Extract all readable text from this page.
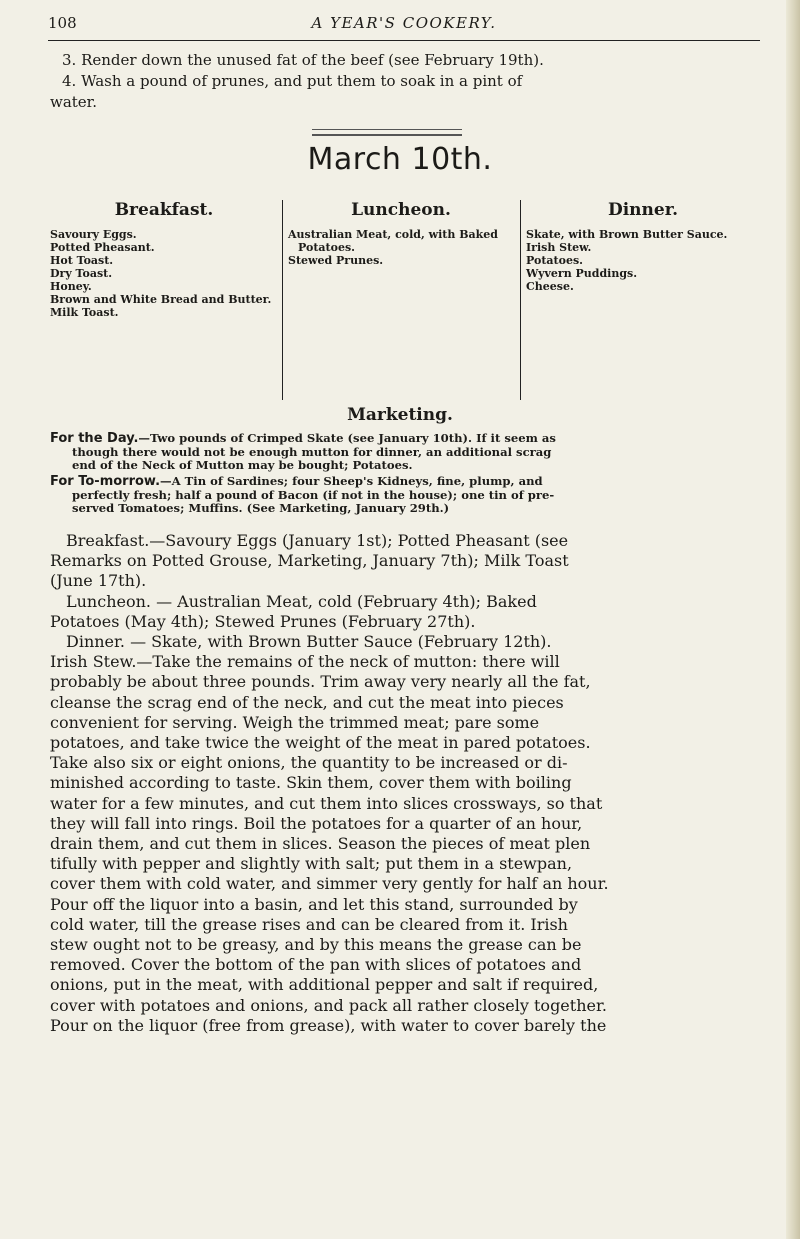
108	A YEAR'S COOKERY.
3. Render down the unused fat of the beef (see February 19th).
4. Wash a pound of prunes, and put them to soak in a pint of
water.
March 10th.
Breakfast.
Savoury Eggs.
Potted Pheasant.
Hot Toast.
Dry Toast.
Honey.
Brown and White Bread and Butter.
Milk Toast.
Luncheon.
Australian Meat, cold, with Baked Potatoes.
Stewed Prunes.
Dinner.
Skate, with Brown Butter Sauce.
Irish Stew.
Potatoes.
Wyvern Puddings.
Cheese.
Marketing.
For the Day.—Two pounds of Crimped Skate (see January 10th). If it seem as
though there would not be enough mutton for dinner, an additional scrag
end of the Neck of Mutton may be bought; Potatoes.
For To-morrow.—A Tin of Sardines; four Sheep's Kidneys, fine, plump, and
perfectly fresh; half a pound of Bacon (if not in the house); one tin of pre-
served Tomatoes; Muffins. (See Marketing, January 29th.)
Breakfast.—Savoury Eggs (January 1st); Potted Pheasant (see
Remarks on Potted Grouse, Marketing, January 7th); Milk Toast
(June 17th).
Luncheon. — Australian Meat, cold (February 4th); Baked
Potatoes (May 4th); Stewed Prunes (February 27th).
Dinner. — Skate, with Brown Butter Sauce (February 12th).
Irish Stew.—Take the remains of the neck of mutton: there will
probably be about three pounds. Trim away very nearly all the fat,
cleanse the scrag end of the neck, and cut the meat into pieces
convenient for serving. Weigh the trimmed meat; pare some
potatoes, and take twice the weight of the meat in pared potatoes.
Take also six or eight onions, the quantity to be increased or di-
minished according to taste. Skin them, cover them with boiling
water for a few minutes, and cut them into slices crossways, so that
they will fall into rings. Boil the potatoes for a quarter of an hour,
drain them, and cut them in slices. Season the pieces of meat plen
tifully with pepper and slightly with salt; put them in a stewpan,
cover them with cold water, and simmer very gently for half an hour.
Pour off the liquor into a basin, and let this stand, surrounded by
cold water, till the grease rises and can be cleared from it. Irish
stew ought not to be greasy, and by this means the grease can be
removed. Cover the bottom of the pan with slices of potatoes and
onions, put in the meat, with additional pepper and salt if required,
cover with potatoes and onions, and pack all rather closely together.
Pour on the liquor (free from grease), with water to cover barely the
